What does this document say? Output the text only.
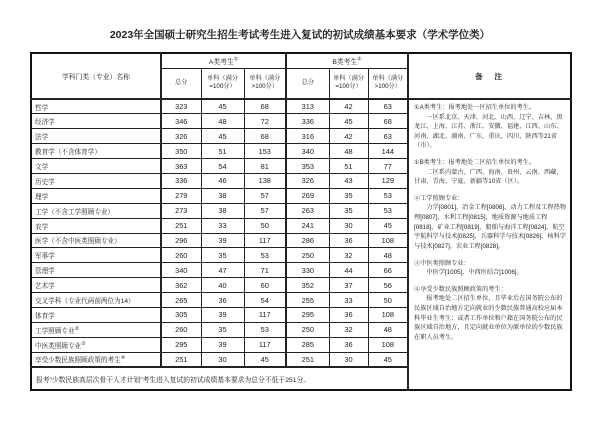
2023年全国硕士研究生招生考试考生进入复试的初试成绩基本要求（学术学位类）
学科门类（专业）名称	A类考生①			B类考生①			备　注
	总分	单科（满分=100分）	单科（满分>100分）	总分	单科（满分=100分）	单科（满分>100分）	
哲学	323	45	68	313	42	63	①A类考生：报考地处一区招生单位的考生。

一区系北京、天津、河北、山西、辽宁、吉林、黑龙江、上海、江苏、浙江、安徽、福建、江西、山东、河南、湖北、湖南、广东、重庆、四川、陕西等21省（市）。

①B类考生：报考地处二区招生单位的考生。

二区系内蒙古、广西、海南、贵州、云南、西藏、甘肃、青海、宁夏、新疆等10省（区）。

②工学照顾专业：

力学[0801]、冶金工程[0806]、动力工程及工程热物理[0807]、水利工程[0815]、地质资源与地质工程[0818]、矿业工程[0819]、船舶与海洋工程[0824]、航空宇航科学与技术[0825]、兵器科学与技术[0826]、核科学与技术[0827]、农业工程[0828]。

③中医类照顾专业：

中医学[1005]、中西医结合[1006]。

④享受少数民族照顾政策的考生：

报考地处二区招生单位，且毕业后在国务院公布的民族区域自治地方定向就业的少数民族普通高校应届本科毕业生考生；或者工作单位和户籍在国务院公布的民族区域自治地方，且定向就业单位为原单位的少数民族在职人员考生。

经济学	346	48	72	336	45	68	
法学	326	45	68	316	42	63	
教育学（不含体育学）	350	51	153	340	48	144	
文学	363	54	81	353	51	77	
历史学	336	46	138	326	43	129	
理学	279	38	57	269	35	53	
工学（不含工学照顾专业）	273	38	57	263	35	53	
农学	251	33	50	241	30	45	
医学（不含中医类照顾专业）	296	39	117	286	36	108	
军事学	260	35	53	250	32	48	
管理学	340	47	71	330	44	66	
艺术学	362	40	60	352	37	56	
交叉学科（专业代码前两位为14）	265	36	54	255	33	50	
体育学	305	39	117	295	36	108	
工学照顾专业②	260	35	53	250	32	48	
中医类照顾专业③	295	39	117	285	36	108	
享受少数民族照顾政策的考生④	251	30	45	251	30	45	
报考“少数民族高层次骨干人才计划”考生进入复试的初试成绩基本要求为总分不低于251分。							
